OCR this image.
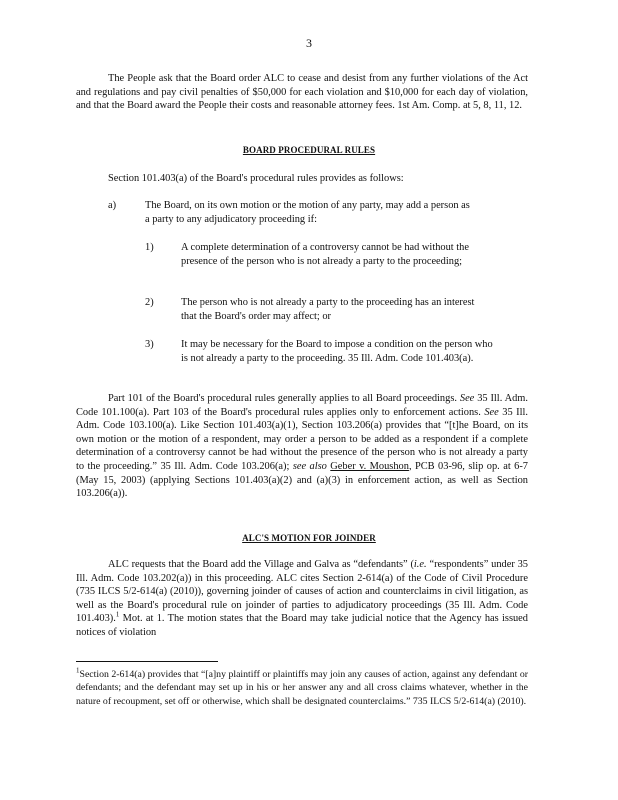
3
The People ask that the Board order ALC to cease and desist from any further violations of the Act and regulations and pay civil penalties of $50,000 for each violation and $10,000 for each day of violation, and that the Board award the People their costs and reasonable attorney fees. 1st Am. Comp. at 5, 8, 11, 12.
BOARD PROCEDURAL RULES
Section 101.403(a) of the Board's procedural rules provides as follows:
a)	The Board, on its own motion or the motion of any party, may add a person as a party to any adjudicatory proceeding if:
1)	A complete determination of a controversy cannot be had without the presence of the person who is not already a party to the proceeding;
2)	The person who is not already a party to the proceeding has an interest that the Board's order may affect; or
3)	It may be necessary for the Board to impose a condition on the person who is not already a party to the proceeding. 35 Ill. Adm. Code 101.403(a).
Part 101 of the Board's procedural rules generally applies to all Board proceedings. See 35 Ill. Adm. Code 101.100(a). Part 103 of the Board's procedural rules applies only to enforcement actions. See 35 Ill. Adm. Code 103.100(a). Like Section 101.403(a)(1), Section 103.206(a) provides that “[t]he Board, on its own motion or the motion of a respondent, may order a person to be added as a respondent if a complete determination of a controversy cannot be had without the presence of the person who is not already a party to the proceeding.” 35 Ill. Adm. Code 103.206(a); see also Geber v. Moushon, PCB 03-96, slip op. at 6-7 (May 15, 2003) (applying Sections 101.403(a)(2) and (a)(3) in enforcement action, as well as Section 103.206(a)).
ALC'S MOTION FOR JOINDER
ALC requests that the Board add the Village and Galva as “defendants” (i.e. “respondents” under 35 Ill. Adm. Code 103.202(a)) in this proceeding. ALC cites Section 2-614(a) of the Code of Civil Procedure (735 ILCS 5/2-614(a) (2010)), governing joinder of causes of action and counterclaims in civil litigation, as well as the Board's procedural rule on joinder of parties to adjudicatory proceedings (35 Ill. Adm. Code 101.403).$^1$ Mot. at 1. The motion states that the Board may take judicial notice that the Agency has issued notices of violation
$^1$Section 2-614(a) provides that “[a]ny plaintiff or plaintiffs may join any causes of action, against any defendant or defendants; and the defendant may set up in his or her answer any and all cross claims whatever, whether in the nature of recoupment, set off or otherwise, which shall be designated counterclaims.” 735 ILCS 5/2-614(a) (2010).
